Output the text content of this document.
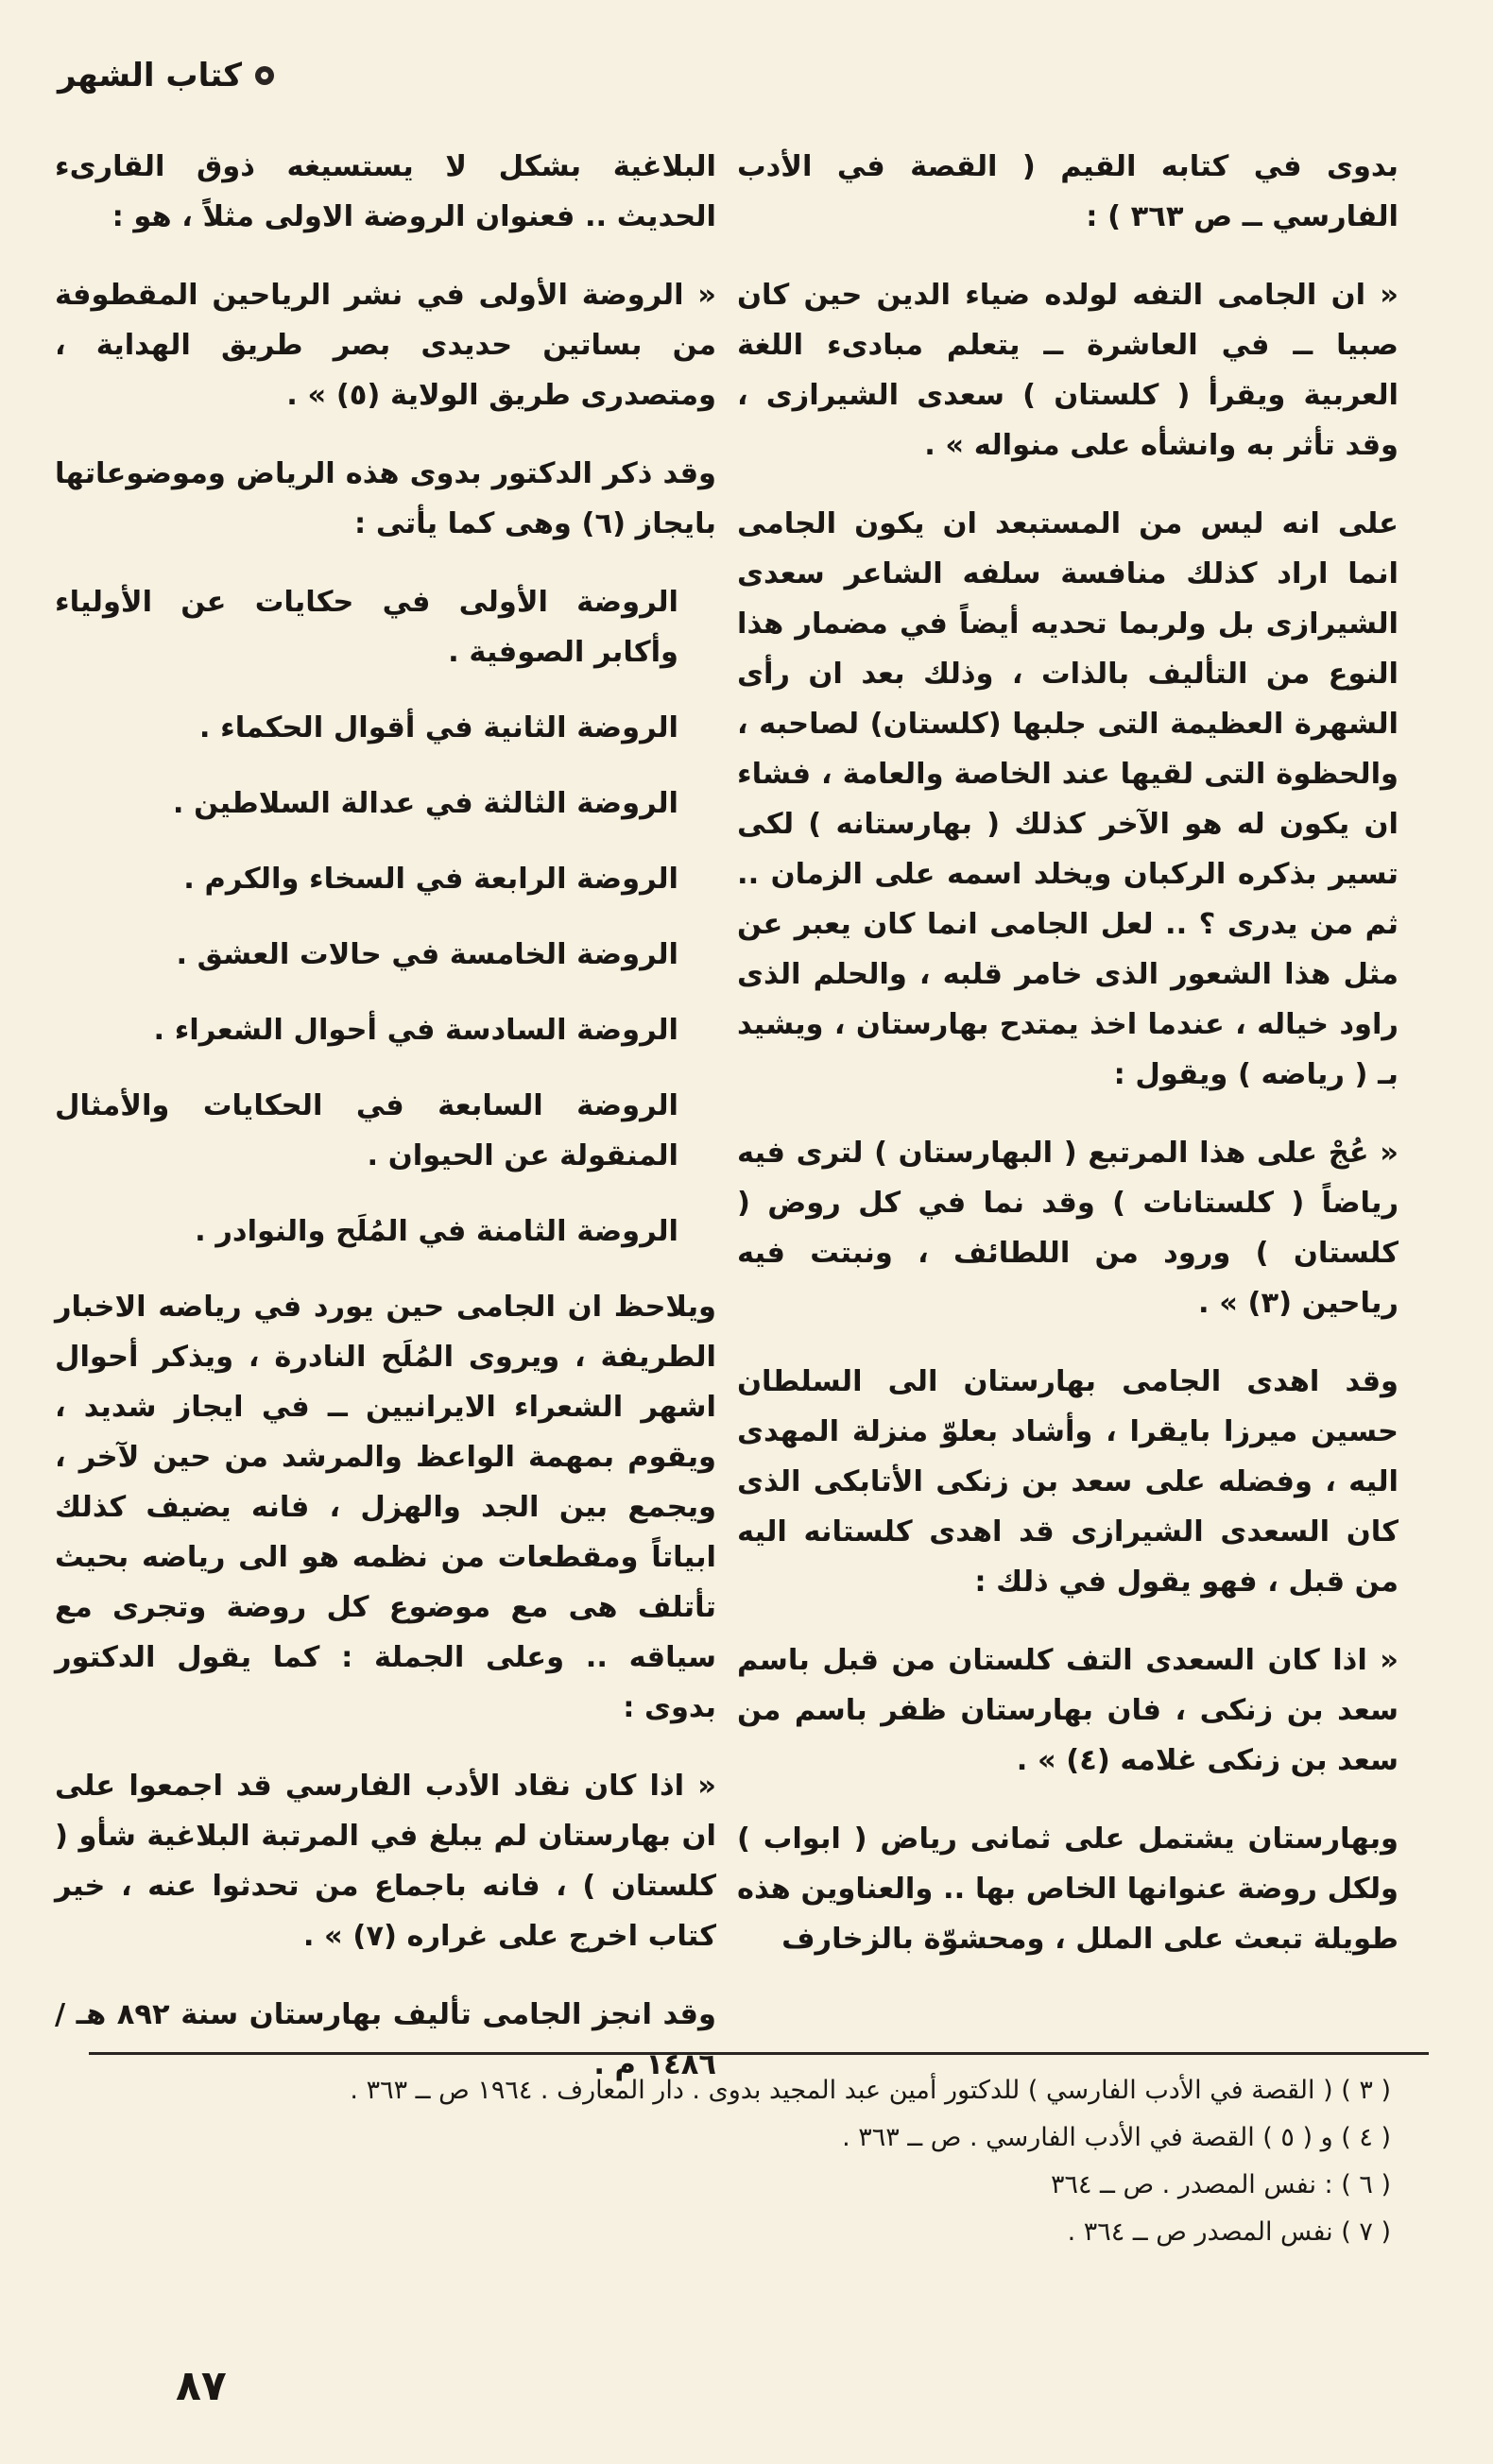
كتاب الشهر

بدوى في كتابه القيم ( القصة في الأدب الفارسي ــ ص ٣٦٣ ) :

« ان الجامى التفه لولده ضياء الدين حين كان صبيا ــ في العاشرة ــ يتعلم مبادىء اللغة العربية ويقرأ ( كلستان ) سعدى الشيرازى ، وقد تأثر به وانشأه على منواله » .

على انه ليس من المستبعد ان يكون الجامى انما اراد كذلك منافسة سلفه الشاعر سعدى الشيرازى بل ولربما تحديه أيضاً في مضمار هذا النوع من التأليف بالذات ، وذلك بعد ان رأى الشهرة العظيمة التى جلبها (كلستان) لصاحبه ، والحظوة التى لقيها عند الخاصة والعامة ، فشاء ان يكون له هو الآخر كذلك ( بهارستانه ) لكى تسير بذكره الركبان ويخلد اسمه على الزمان .. ثم من يدرى ؟ .. لعل الجامى انما كان يعبر عن مثل هذا الشعور الذى خامر قلبه ، والحلم الذى راود خياله ، عندما اخذ يمتدح بهارستان ، ويشيد بـ ( رياضه ) ويقول :

« عُجْ على هذا المرتبع ( البهارستان ) لترى فيه رياضاً ( كلستانات ) وقد نما في كل روض ( كلستان ) ورود من اللطائف ، ونبتت فيه رياحين (٣) » .

وقد اهدى الجامى بهارستان الى السلطان حسين ميرزا بايقرا ، وأشاد بعلوّ منزلة المهدى اليه ، وفضله على سعد بن زنكى الأتابكى الذى كان السعدى الشيرازى قد اهدى كلستانه اليه من قبل ، فهو يقول في ذلك :

« اذا كان السعدى التف كلستان من قبل باسم سعد بن زنكى ، فان بهارستان ظفر باسم من سعد بن زنكى غلامه (٤) » .

وبهارستان يشتمل على ثمانى رياض ( ابواب ) ولكل روضة عنوانها الخاص بها .. والعناوين هذه طويلة تبعث على الملل ، ومحشوّة بالزخارف

البلاغية بشكل لا يستسيغه ذوق القارىء الحديث .. فعنوان الروضة الاولى مثلاً ، هو :

« الروضة الأولى في نشر الرياحين المقطوفة من بساتين حديدى بصر طريق الهداية ، ومتصدرى طريق الولاية (٥) » .

وقد ذكر الدكتور بدوى هذه الرياض وموضوعاتها بايجاز (٦) وهى كما يأتى :

الروضة الأولى في حكايات عن الأولياء وأكابر الصوفية .

الروضة الثانية في أقوال الحكماء .

الروضة الثالثة في عدالة السلاطين .

الروضة الرابعة في السخاء والكرم .

الروضة الخامسة في حالات العشق .

الروضة السادسة في أحوال الشعراء .

الروضة السابعة في الحكايات والأمثال المنقولة عن الحيوان .

الروضة الثامنة في المُلَح والنوادر .

ويلاحظ ان الجامى حين يورد في رياضه الاخبار الطريفة ، ويروى المُلَح النادرة ، ويذكر أحوال اشهر الشعراء الايرانيين ــ في ايجاز شديد ، ويقوم بمهمة الواعظ والمرشد من حين لآخر ، ويجمع بين الجد والهزل ، فانه يضيف كذلك ابياتاً ومقطعات من نظمه هو الى رياضه بحيث تأتلف هى مع موضوع كل روضة وتجرى مع سياقه .. وعلى الجملة : كما يقول الدكتور بدوى :

« اذا كان نقاد الأدب الفارسي قد اجمعوا على ان بهارستان لم يبلغ في المرتبة البلاغية شأو ( كلستان ) ، فانه باجماع من تحدثوا عنه ، خير كتاب اخرج على غراره (٧) » .

وقد انجز الجامى تأليف بهارستان سنة ٨٩٢ هـ / ١٤٨٦ م .

( ٣ ) ( القصة في الأدب الفارسي ) للدكتور أمين عبد المجيد بدوى . دار المعارف . ١٩٦٤ ص ــ ٣٦٣ .

( ٤ ) و ( ٥ ) القصة في الأدب الفارسي . ص ــ ٣٦٣ .

( ٦ ) : نفس المصدر . ص ــ ٣٦٤

( ٧ ) نفس المصدر ص ــ ٣٦٤ .

٨٧
